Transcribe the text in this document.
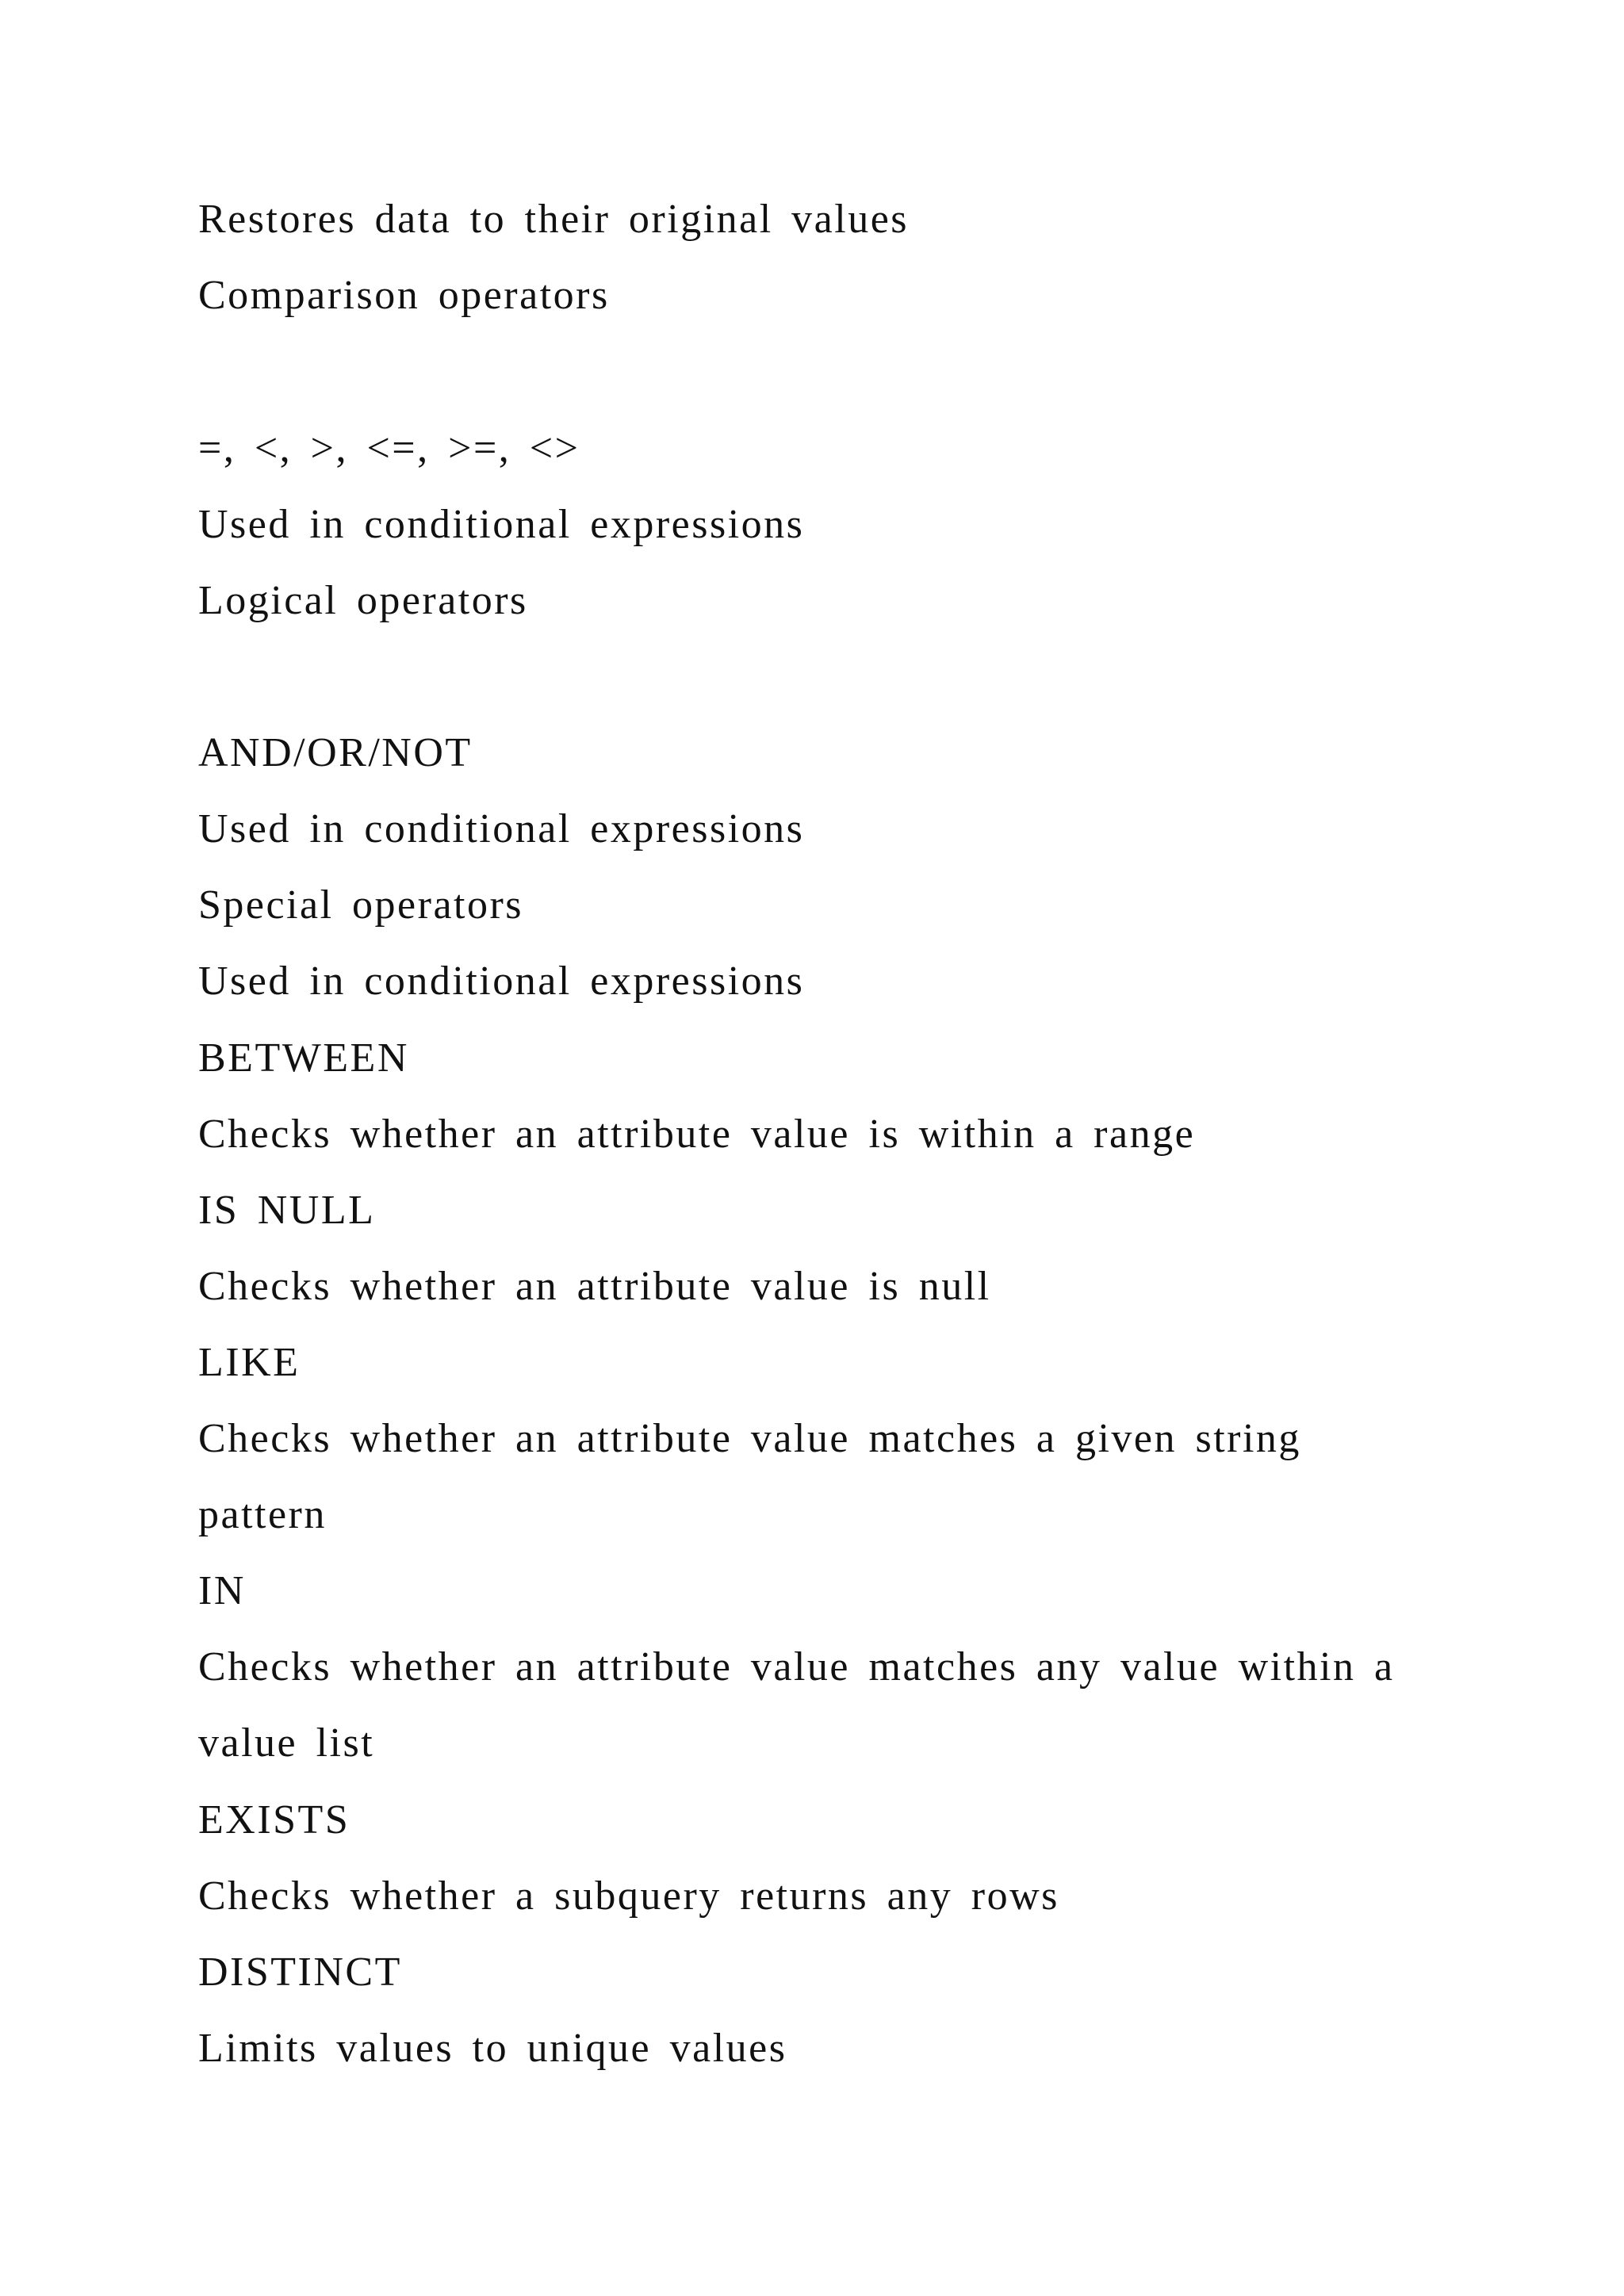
Restores data to their original values
Comparison operators
=, <, >, <=, >=, <>
Used in conditional expressions
Logical operators
AND/OR/NOT
Used in conditional expressions
Special operators
Used in conditional expressions
BETWEEN
Checks whether an attribute value is within a range
IS NULL
Checks whether an attribute value is null
LIKE
Checks whether an attribute value matches a given string
pattern
IN
Checks whether an attribute value matches any value within a
value list
EXISTS
Checks whether a subquery returns any rows
DISTINCT
Limits values to unique values
